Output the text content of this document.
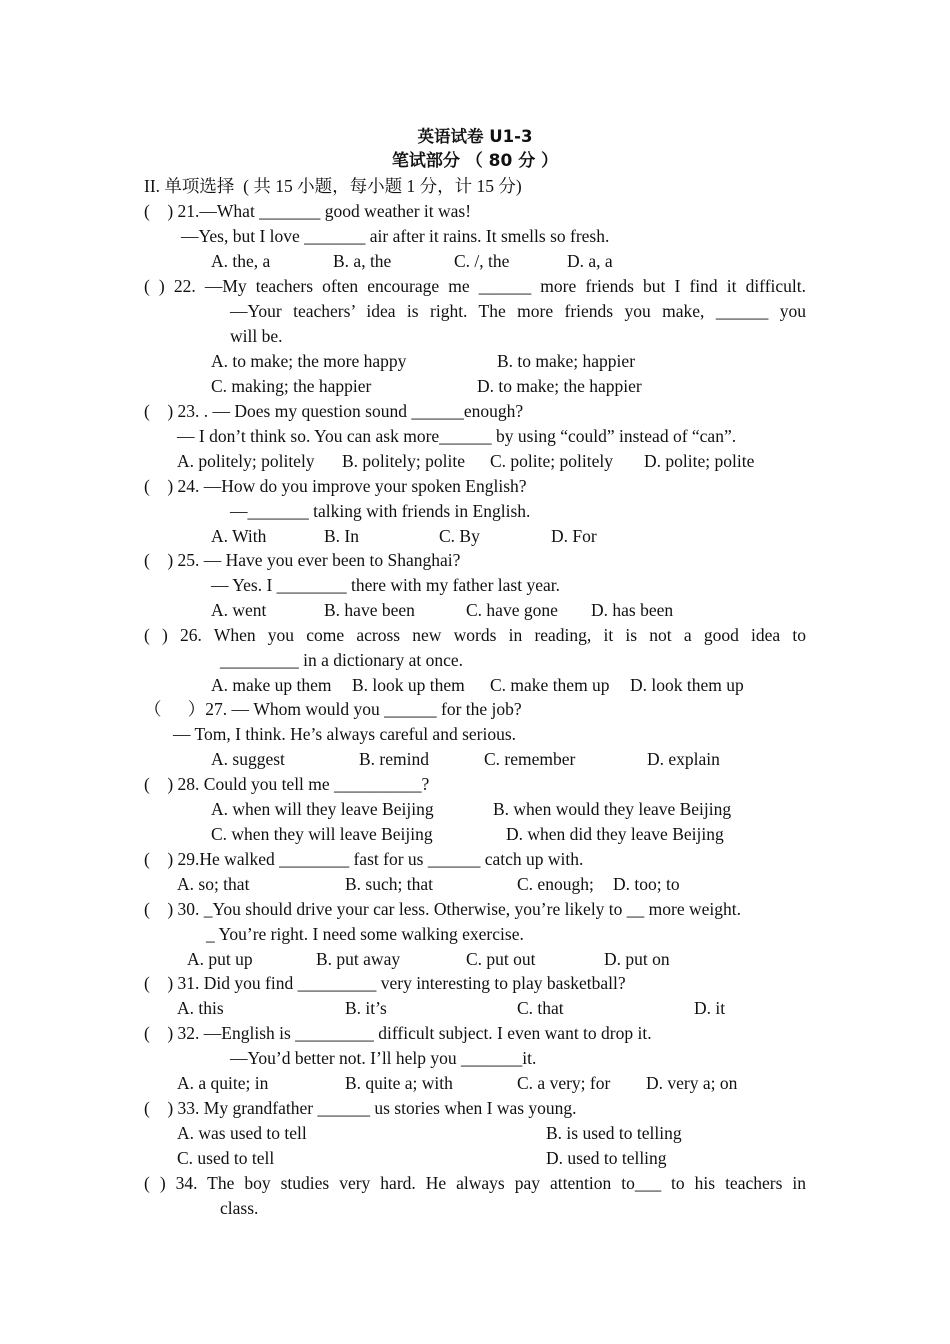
英语试卷 U1-3
笔试部分 （ 80 分 ）
II. 单项选择  ( 共 15 小题，每小题 1 分，计 15 分)
(    ) 21.—What _______ good weather it was!
—Yes, but I love _______ air after it rains. It smells so fresh.
A. the, a	B. a, the	C. /, the	D. a, a
( ) 22. —My teachers often encourage me ______ more friends but I find it difficult.
—Your teachers’ idea is right. The more friends you make, ______ you
will be.
A. to make; the more happy	B. to make; happier
C. making; the happier	D. to make; the happier
(    ) 23. . — Does my question sound ______enough?
— I don’t think so. You can ask more______ by using “could” instead of “can”.
A. politely; politely B. politely; polite C. polite; politely D. polite; polite
(    ) 24. —How do you improve your spoken English?
—_______ talking with friends in English.
A. With	B. In	C. By	D. For
(    ) 25. — Have you ever been to Shanghai?
— Yes. I ________ there with my father last year.
A. went	B. have been	C. have gone D. has been
( ) 26. When you come across new words in reading, it is not a good idea to
_________ in a dictionary at once.
A. make up them B. look up them C. make them up D. look them up
（      ）27. — Whom would you ______ for the job?
— Tom, I think. He’s always careful and serious.
A. suggest	B. remind	C. remember	D. explain
(    ) 28. Could you tell me __________?
A. when will they leave Beijing	B. when would they leave Beijing
C. when they will leave Beijing	D. when did they leave Beijing
(    ) 29.He walked ________ fast for us ______ catch up with.
A. so; that	B. such; that	C. enough; D. too; to
(    ) 30. _You should drive your car less. Otherwise, you’re likely to __ more weight.
_ You’re right. I need some walking exercise.
A. put up	B. put away	C. put out	D. put on
(    ) 31. Did you find _________ very interesting to play basketball?
A. this	B. it’s	C. that	D. it
(    ) 32. —English is _________ difficult subject. I even want to drop it.
—You’d better not. I’ll help you _______it.
A. a quite; in	B. quite a; with	C. a very; for D. very a; on
(    ) 33. My grandfather ______ us stories when I was young.
A. was used to tell	B. is used to telling
C. used to tell	D. used to telling
( ) 34. The boy studies very hard. He always pay attention to___ to his teachers in
class.
